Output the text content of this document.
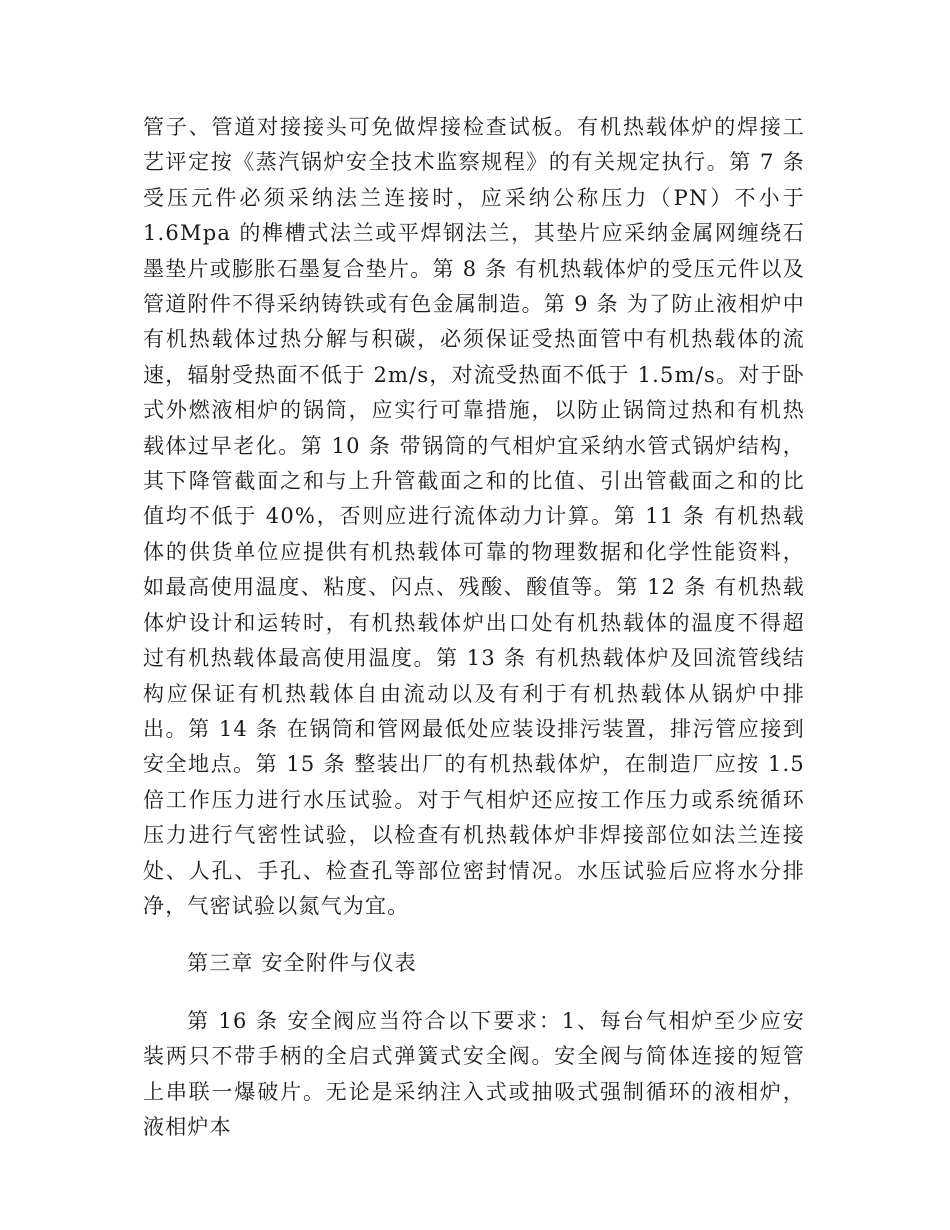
管子、管道对接接头可免做焊接检查试板。有机热载体炉的焊接工艺评定按《蒸汽锅炉安全技术监察规程》的有关规定执行。第 7 条 受压元件必须采纳法兰连接时，应采纳公称压力（PN）不小于 1.6Mpa 的榫槽式法兰或平焊钢法兰，其垫片应采纳金属网缠绕石墨垫片或膨胀石墨复合垫片。第 8 条 有机热载体炉的受压元件以及管道附件不得采纳铸铁或有色金属制造。第 9 条 为了防止液相炉中有机热载体过热分解与积碳，必须保证受热面管中有机热载体的流速，辐射受热面不低于 2m/s，对流受热面不低于 1.5m/s。对于卧式外燃液相炉的锅筒，应实行可靠措施，以防止锅筒过热和有机热载体过早老化。第 10 条 带锅筒的气相炉宜采纳水管式锅炉结构，其下降管截面之和与上升管截面之和的比值、引出管截面之和的比值均不低于 40%，否则应进行流体动力计算。第 11 条 有机热载体的供货单位应提供有机热载体可靠的物理数据和化学性能资料，如最高使用温度、粘度、闪点、残酸、酸值等。第 12 条 有机热载体炉设计和运转时，有机热载体炉出口处有机热载体的温度不得超过有机热载体最高使用温度。第 13 条 有机热载体炉及回流管线结构应保证有机热载体自由流动以及有利于有机热载体从锅炉中排出。第 14 条 在锅筒和管网最低处应装设排污装置，排污管应接到安全地点。第 15 条 整装出厂的有机热载体炉，在制造厂应按 1.5 倍工作压力进行水压试验。对于气相炉还应按工作压力或系统循环压力进行气密性试验，以检查有机热载体炉非焊接部位如法兰连接处、人孔、手孔、检查孔等部位密封情况。水压试验后应将水分排净，气密试验以氮气为宜。

第三章 安全附件与仪表

第 16 条 安全阀应当符合以下要求：1、每台气相炉至少应安装两只不带手柄的全启式弹簧式安全阀。安全阀与简体连接的短管上串联一爆破片。无论是采纳注入式或抽吸式强制循环的液相炉，液相炉本
